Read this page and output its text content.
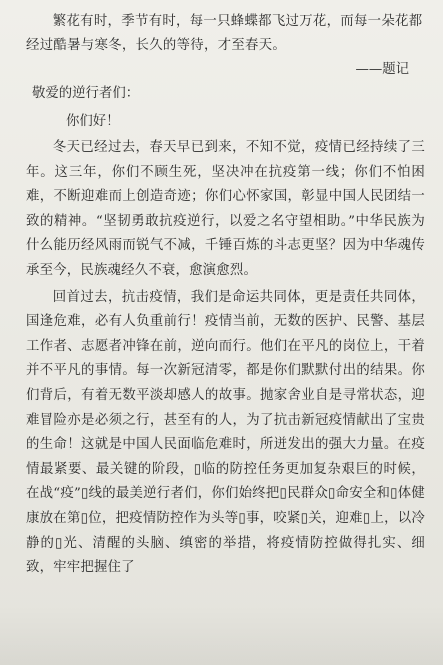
繁花有时，季节有时，每一只蜂蝶都飞过万花，而每一朵花都经过酷暑与寒冬，长久的等待，才至春天。

——题记

敬爱的逆行者们：

你们好！

冬天已经过去，春天早已到来，不知不觉，疫情已经持续了三年。这三年，你们不顾生死，坚决冲在抗疫第一线；你们不怕困难，不断迎难而上创造奇迹；你们心怀家国，彰显中国人民团结一致的精神。“坚韧勇敢抗疫逆行，以爱之名守望相助。”中华民族为什么能历经风雨而锐气不减，千锤百炼的斗志更坚？因为中华魂传承至今，民族魂经久不衰，愈演愈烈。

回首过去，抗击疫情，我们是命运共同体，更是责任共同体，国逢危难，必有人负重前行！疫情当前，无数的医护、民警、基层工作者、志愿者冲锋在前，逆向而行。他们在平凡的岗位上，干着并不平凡的事情。每一次新冠清零，都是你们默默付出的结果。你们背后，有着无数平淡却感人的故事。抛家舍业自是寻常状态，迎难冒险亦是必须之行，甚至有的人，为了抗击新冠疫情献出了宝贵的生命！这就是中国人民面临危难时，所迸发出的强大力量。在疫情最紧要、最关键的阶段，▯临的防控任务更加复杂艰巨的时候，在战“疫”▯线的最美逆行者们，你们始终把▯民群众▯命安全和▯体健康放在第▯位，把疫情防控作为头等▯事，咬紧▯关，迎难▯上，以冷静的▯光、清醒的头脑、缜密的举措，将疫情防控做得扎实、细致，牢牢把握住了
